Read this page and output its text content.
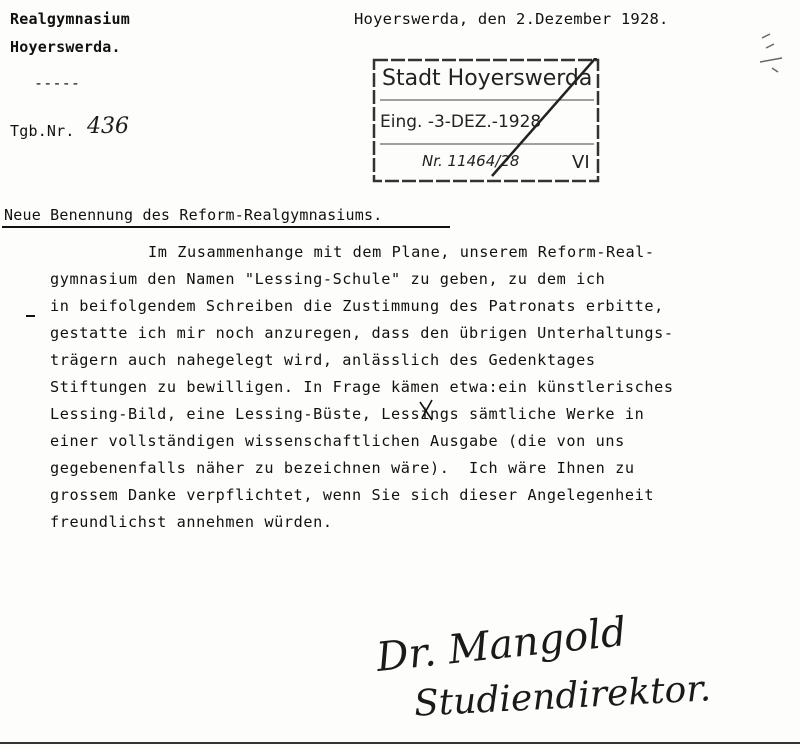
Realgymnasium
Hoyerswerda.
-----
Tgb.Nr. 436
Hoyerswerda, den 2.Dezember 1928.
Stadt Hoyerswerda
Eing. -3-DEZ.-1928
Nr. 11464/28	VI
Neue Benennung des Reform-Realgymnasiums.
Im Zusammenhange mit dem Plane, unserem Reform-Real-
gymnasium den Namen "Lessing-Schule" zu geben, zu dem ich
in beifolgendem Schreiben die Zustimmung des Patronats erbitte,
gestatte ich mir noch anzuregen, dass den übrigen Unterhaltungs-
trägern auch nahegelegt wird, anlässlich des Gedenktages
Stiftungen zu bewilligen. In Frage kämen etwa:ein künstlerisches
Lessing-Bild, eine Lessing-Büste, Lessings sämtliche Werke in
einer vollständigen wissenschaftlichen Ausgabe (die von uns
gegebenenfalls näher zu bezeichnen wäre).  Ich wäre Ihnen zu
grossem Danke verpflichtet, wenn Sie sich dieser Angelegenheit
freundlichst annehmen würden.
Dr. Mangold
Studiendirektor.
